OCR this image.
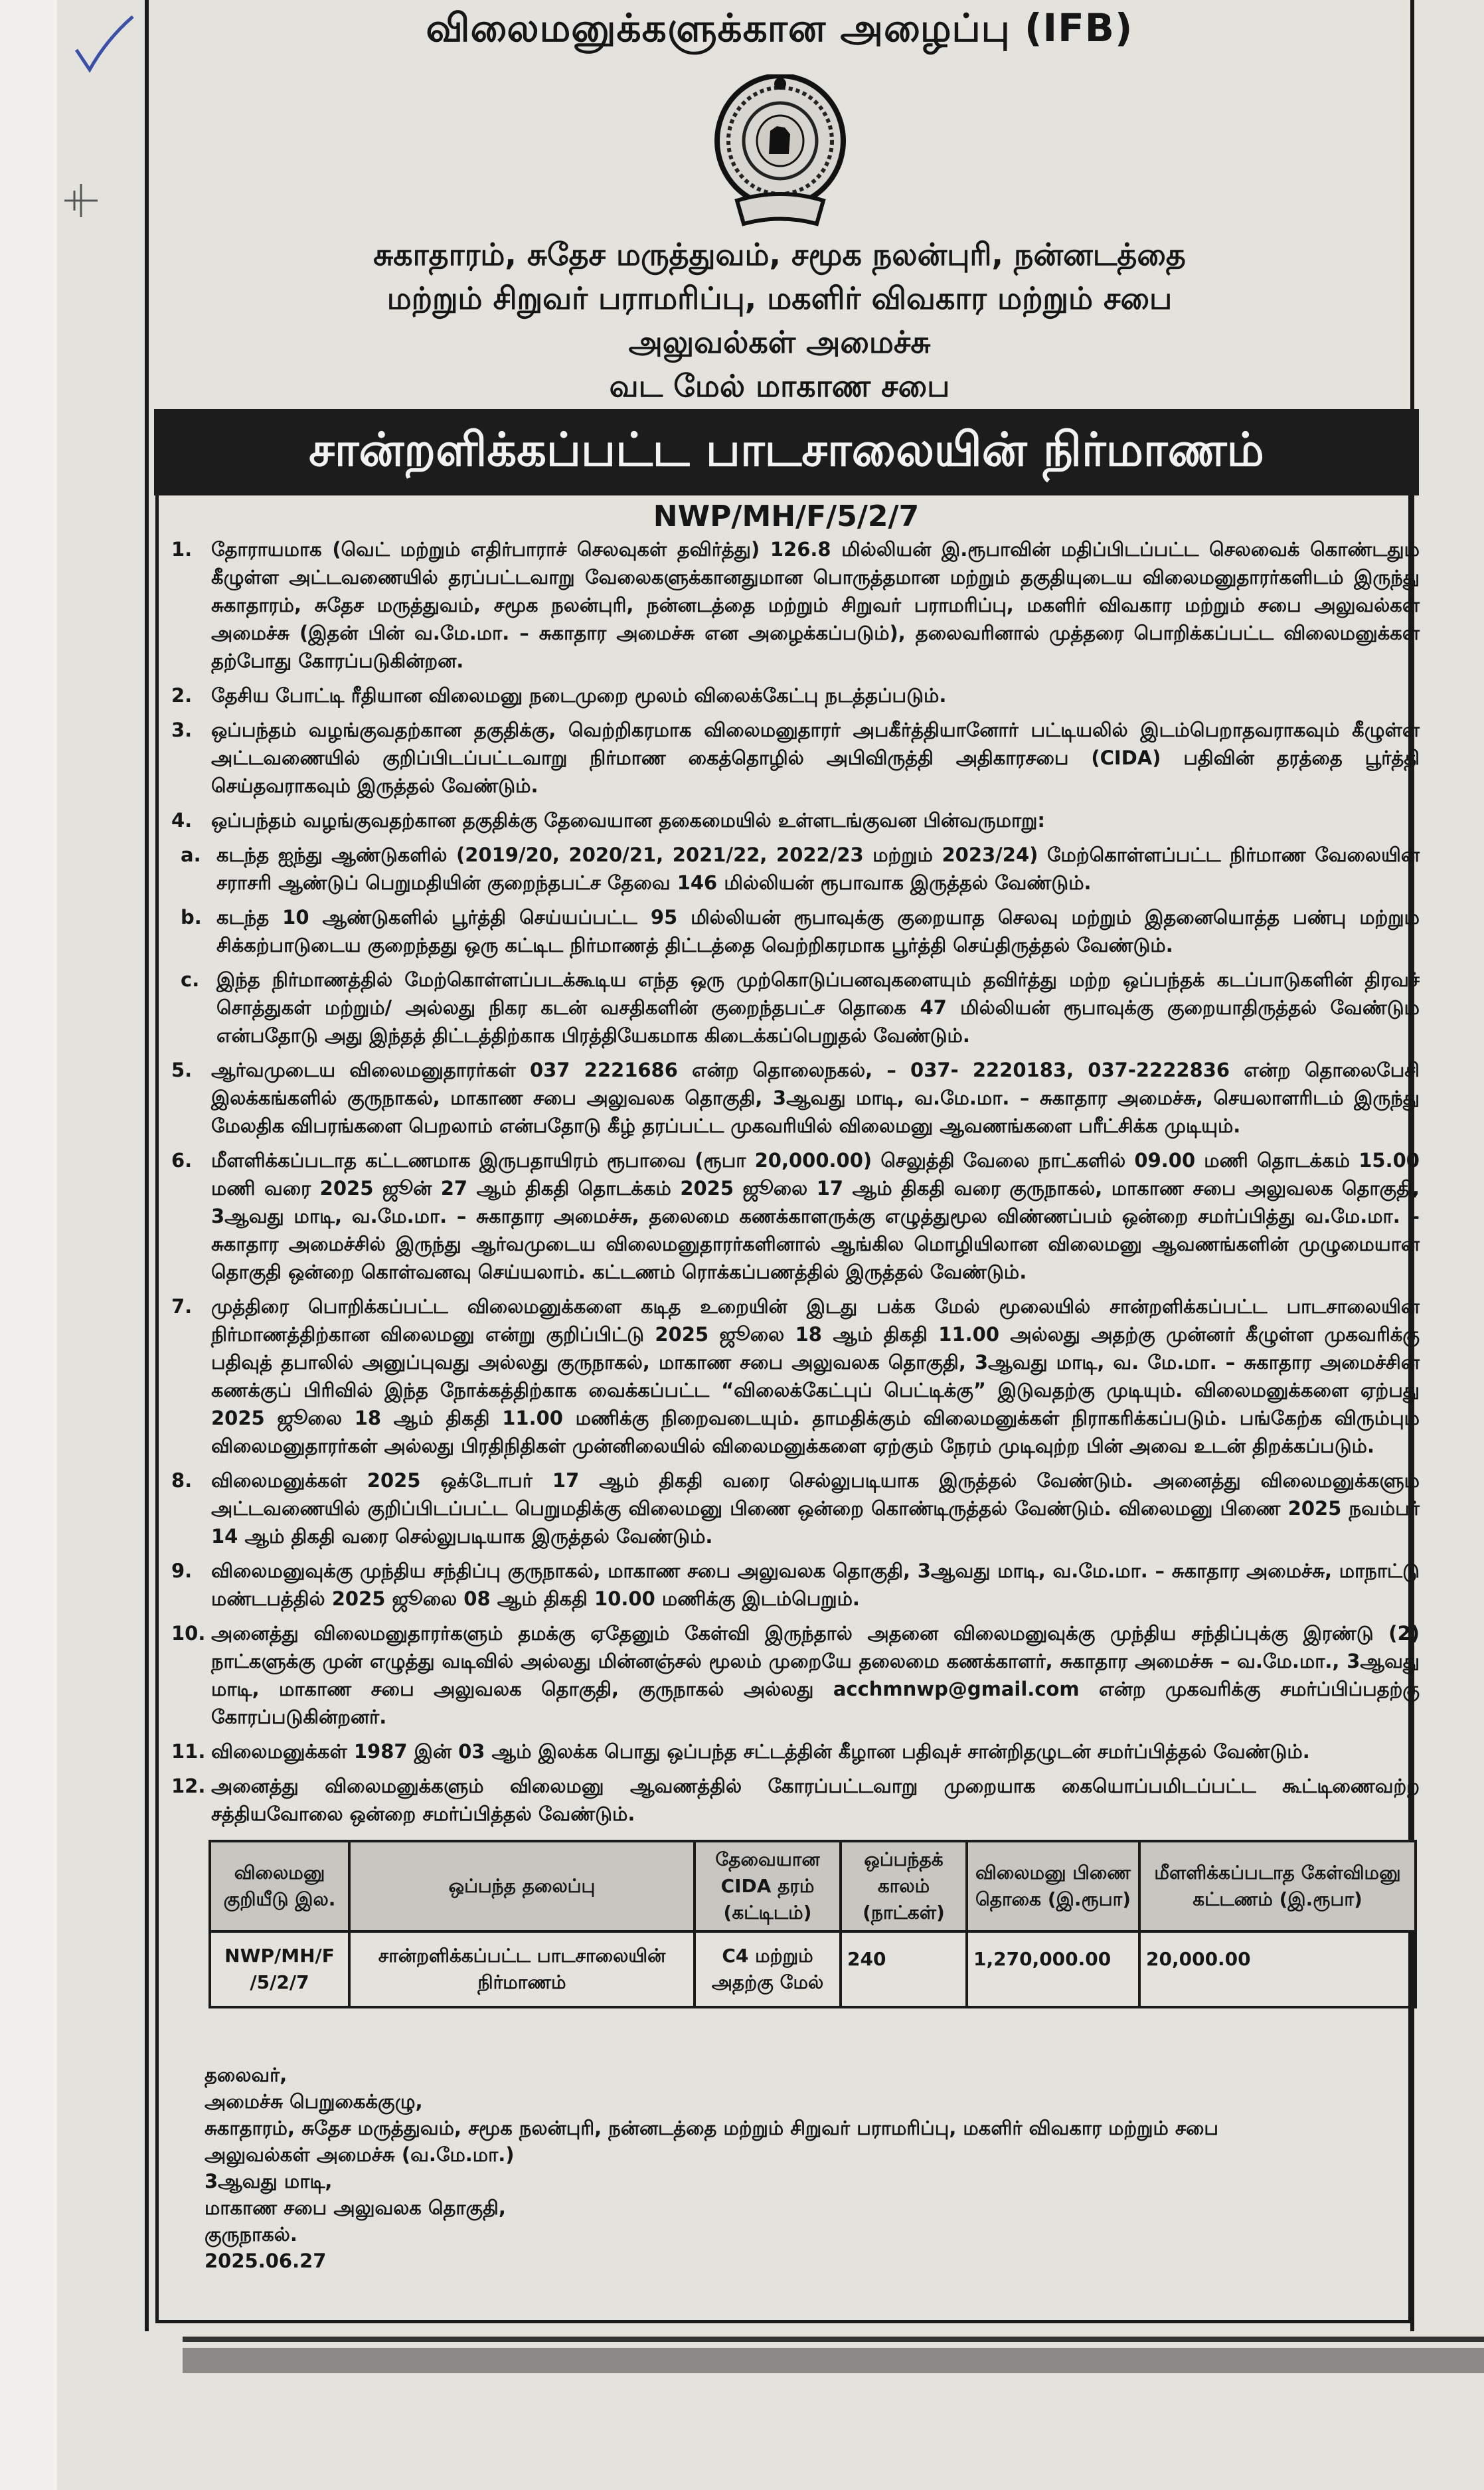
விலைமனுக்களுக்கான அழைப்பு (IFB)
சுகாதாரம், சுதேச மருத்துவம், சமூக நலன்புரி, நன்னடத்தை
மற்றும் சிறுவர் பராமரிப்பு, மகளிர் விவகார மற்றும் சபை
அலுவல்கள் அமைச்சு
வட மேல் மாகாண சபை
சான்றளிக்கப்பட்ட பாடசாலையின் நிர்மாணம்
NWP/MH/F/5/2/7
1. தோராயமாக (வெட் மற்றும் எதிர்பாராச் செலவுகள் தவிர்த்து) 126.8 மில்லியன் இ.ரூபாவின் மதிப்பிடப்பட்ட செலவைக் கொண்டதும் கீழுள்ள அட்டவணையில் தரப்பட்டவாறு வேலைகளுக்கானதுமான பொருத்தமான மற்றும் தகுதியுடைய விலைமனுதாரர்களிடம் இருந்து சுகாதாரம், சுதேச மருத்துவம், சமூக நலன்புரி, நன்னடத்தை மற்றும் சிறுவர் பராமரிப்பு, மகளிர் விவகார மற்றும் சபை அலுவல்கள் அமைச்சு (இதன் பின் வ.மே.மா. – சுகாதார அமைச்சு என அழைக்கப்படும்), தலைவரினால் முத்தரை பொறிக்கப்பட்ட விலைமனுக்கள் தற்போது கோரப்படுகின்றன.
2. தேசிய போட்டி ரீதியான விலைமனு நடைமுறை மூலம் விலைக்கேட்பு நடத்தப்படும்.
3. ஒப்பந்தம் வழங்குவதற்கான தகுதிக்கு, வெற்றிகரமாக விலைமனுதாரர் அபகீர்த்தியானோர் பட்டியலில் இடம்பெறாதவராகவும் கீழுள்ள அட்டவணையில் குறிப்பிடப்பட்டவாறு நிர்மாண கைத்தொழில் அபிவிருத்தி அதிகாரசபை (CIDA) பதிவின் தரத்தை பூர்த்தி செய்தவராகவும் இருத்தல் வேண்டும்.
4. ஒப்பந்தம் வழங்குவதற்கான தகுதிக்கு தேவையான தகைமையில் உள்ளடங்குவன பின்வருமாறு:
a. கடந்த ஐந்து ஆண்டுகளில் (2019/20, 2020/21, 2021/22, 2022/23 மற்றும் 2023/24) மேற்கொள்ளப்பட்ட நிர்மாண வேலையின் சராசரி ஆண்டுப் பெறுமதியின் குறைந்தபட்ச தேவை 146 மில்லியன் ரூபாவாக இருத்தல் வேண்டும்.
b. கடந்த 10 ஆண்டுகளில் பூர்த்தி செய்யப்பட்ட 95 மில்லியன் ரூபாவுக்கு குறையாத செலவு மற்றும் இதனையொத்த பண்பு மற்றும் சிக்கற்பாடுடைய குறைந்தது ஒரு கட்டிட நிர்மாணத் திட்டத்தை வெற்றிகரமாக பூர்த்தி செய்திருத்தல் வேண்டும்.
c. இந்த நிர்மாணத்தில் மேற்கொள்ளப்படக்கூடிய எந்த ஒரு முற்கொடுப்பனவுகளையும் தவிர்த்து மற்ற ஒப்பந்தக் கடப்பாடுகளின் திரவச் சொத்துகள் மற்றும்/ அல்லது நிகர கடன் வசதிகளின் குறைந்தபட்ச தொகை 47 மில்லியன் ரூபாவுக்கு குறையாதிருத்தல் வேண்டும் என்பதோடு அது இந்தத் திட்டத்திற்காக பிரத்தியேகமாக கிடைக்கப்பெறுதல் வேண்டும்.
5. ஆர்வமுடைய விலைமனுதாரர்கள் 037 2221686 என்ற தொலைநகல், – 037- 2220183, 037-2222836 என்ற தொலைபேசி இலக்கங்களில் குருநாகல், மாகாண சபை அலுவலக தொகுதி, 3ஆவது மாடி, வ.மே.மா. – சுகாதார அமைச்சு, செயலாளரிடம் இருந்து மேலதிக விபரங்களை பெறலாம் என்பதோடு கீழ் தரப்பட்ட முகவரியில் விலைமனு ஆவணங்களை பரீட்சிக்க முடியும்.
6. மீளளிக்கப்படாத கட்டணமாக இருபதாயிரம் ரூபாவை (ரூபா 20,000.00) செலுத்தி வேலை நாட்களில் 09.00 மணி தொடக்கம் 15.00 மணி வரை 2025 ஜூன் 27 ஆம் திகதி தொடக்கம் 2025 ஜூலை 17 ஆம் திகதி வரை குருநாகல், மாகாண சபை அலுவலக தொகுதி, 3ஆவது மாடி, வ.மே.மா. – சுகாதார அமைச்சு, தலைமை கணக்காளருக்கு எழுத்துமூல விண்ணப்பம் ஒன்றை சமர்ப்பித்து வ.மே.மா. – சுகாதார அமைச்சில் இருந்து ஆர்வமுடைய விலைமனுதாரர்களினால் ஆங்கில மொழியிலான விலைமனு ஆவணங்களின் முழுமையான தொகுதி ஒன்றை கொள்வனவு செய்யலாம். கட்டணம் ரொக்கப்பணத்தில் இருத்தல் வேண்டும்.
7. முத்திரை பொறிக்கப்பட்ட விலைமனுக்களை கடித உறையின் இடது பக்க மேல் மூலையில் சான்றளிக்கப்பட்ட பாடசாலையின் நிர்மாணத்திற்கான விலைமனு என்று குறிப்பிட்டு 2025 ஜூலை 18 ஆம் திகதி 11.00 அல்லது அதற்கு முன்னர் கீழுள்ள முகவரிக்கு பதிவுத் தபாலில் அனுப்புவது அல்லது குருநாகல், மாகாண சபை அலுவலக தொகுதி, 3ஆவது மாடி, வ. மே.மா. – சுகாதார அமைச்சின் கணக்குப் பிரிவில் இந்த நோக்கத்திற்காக வைக்கப்பட்ட “விலைக்கேட்புப் பெட்டிக்கு” இடுவதற்கு முடியும். விலைமனுக்களை ஏற்பது 2025 ஜூலை 18 ஆம் திகதி 11.00 மணிக்கு நிறைவடையும். தாமதிக்கும் விலைமனுக்கள் நிராகரிக்கப்படும். பங்கேற்க விரும்பும் விலைமனுதாரர்கள் அல்லது பிரதிநிதிகள் முன்னிலையில் விலைமனுக்களை ஏற்கும் நேரம் முடிவுற்ற பின் அவை உடன் திறக்கப்படும்.
8. விலைமனுக்கள் 2025 ஒக்டோபர் 17 ஆம் திகதி வரை செல்லுபடியாக இருத்தல் வேண்டும். அனைத்து விலைமனுக்களும் அட்டவணையில் குறிப்பிடப்பட்ட பெறுமதிக்கு விலைமனு பிணை ஒன்றை கொண்டிருத்தல் வேண்டும். விலைமனு பிணை 2025 நவம்பர் 14 ஆம் திகதி வரை செல்லுபடியாக இருத்தல் வேண்டும்.
9. விலைமனுவுக்கு முந்திய சந்திப்பு குருநாகல், மாகாண சபை அலுவலக தொகுதி, 3ஆவது மாடி, வ.மே.மா. – சுகாதார அமைச்சு, மாநாட்டு மண்டபத்தில் 2025 ஜூலை 08 ஆம் திகதி 10.00 மணிக்கு இடம்பெறும்.
10. அனைத்து விலைமனுதாரர்களும் தமக்கு ஏதேனும் கேள்வி இருந்தால் அதனை விலைமனுவுக்கு முந்திய சந்திப்புக்கு இரண்டு (2) நாட்களுக்கு முன் எழுத்து வடிவில் அல்லது மின்னஞ்சல் மூலம் முறையே தலைமை கணக்காளர், சுகாதார அமைச்சு – வ.மே.மா., 3ஆவது மாடி, மாகாண சபை அலுவலக தொகுதி, குருநாகல் அல்லது acchmnwp@gmail.com என்ற முகவரிக்கு சமர்ப்பிப்பதற்கு கோரப்படுகின்றனர்.
11. விலைமனுக்கள் 1987 இன் 03 ஆம் இலக்க பொது ஒப்பந்த சட்டத்தின் கீழான பதிவுச் சான்றிதழுடன் சமர்ப்பித்தல் வேண்டும்.
12. அனைத்து விலைமனுக்களும் விலைமனு ஆவணத்தில் கோரப்பட்டவாறு முறையாக கையொப்பமிடப்பட்ட கூட்டிணைவற்ற சத்தியவோலை ஒன்றை சமர்ப்பித்தல் வேண்டும்.
விலைமனு குறியீடு இல.	ஒப்பந்த தலைப்பு	தேவையான CIDA தரம் (கட்டிடம்)	ஒப்பந்தக் காலம் (நாட்கள்)	விலைமனு பிணை தொகை (இ.ரூபா)	மீளளிக்கப்படாத கேள்விமனு கட்டணம் (இ.ரூபா)
NWP/MH/F /5/2/7	சான்றளிக்கப்பட்ட பாடசாலையின் நிர்மாணம்	C4 மற்றும் அதற்கு மேல்	240	1,270,000.00	20,000.00
தலைவர்,
அமைச்சு பெறுகைக்குழு,
சுகாதாரம், சுதேச மருத்துவம், சமூக நலன்புரி, நன்னடத்தை மற்றும் சிறுவர் பராமரிப்பு, மகளிர் விவகார மற்றும் சபை
அலுவல்கள் அமைச்சு (வ.மே.மா.)
3ஆவது மாடி,
மாகாண சபை அலுவலக தொகுதி,
குருநாகல்.
2025.06.27
